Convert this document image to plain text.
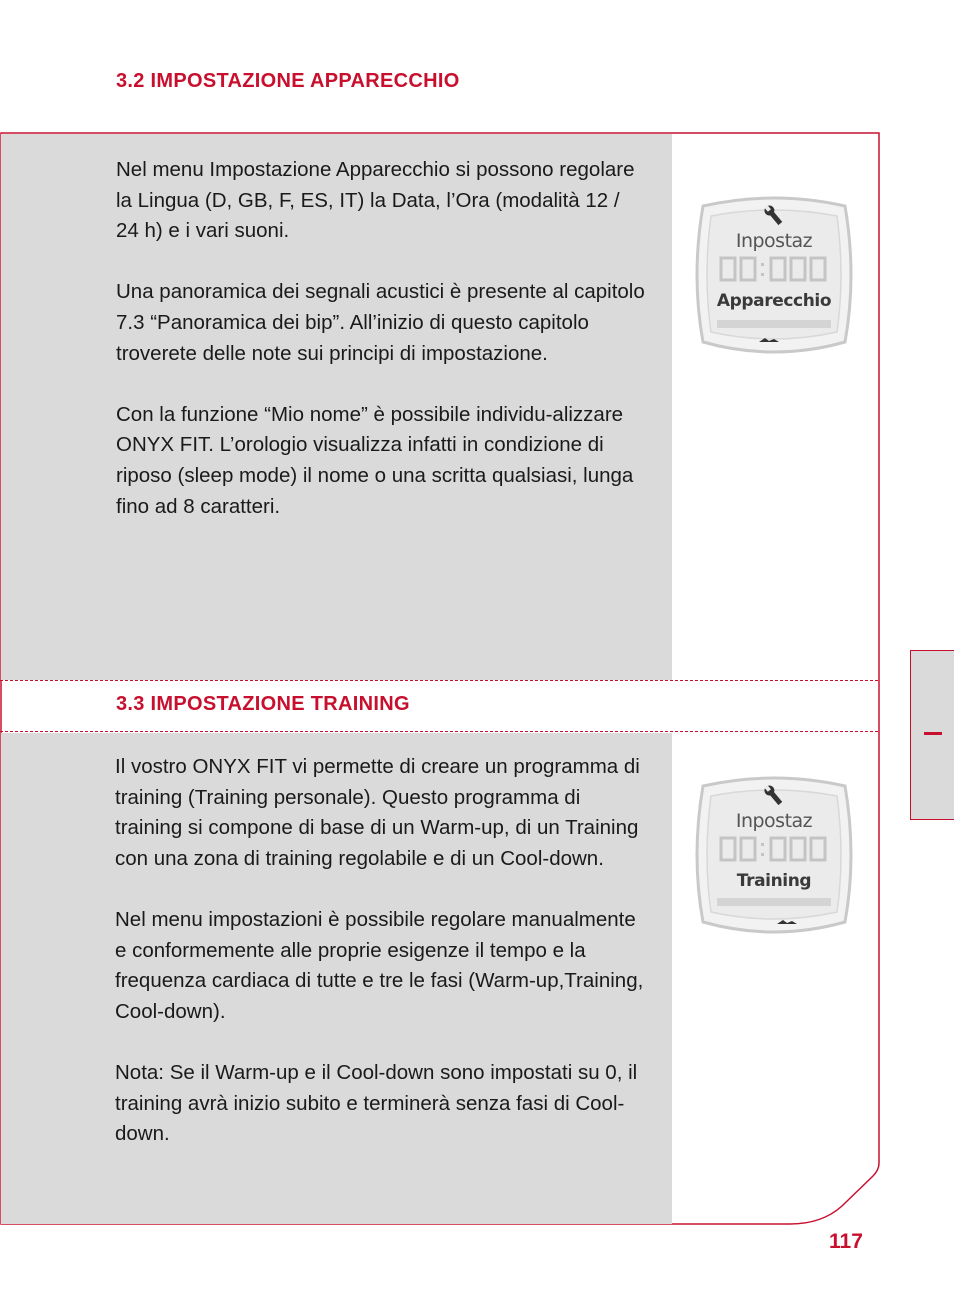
3.2 IMPOSTAZIONE APPARECCHIO

Nel menu Impostazione Apparecchio si possono regolare la Lingua (D, GB, F, ES, IT) la Data, l’Ora (modalità 12 / 24 h) e i vari suoni.

Una panoramica dei segnali acustici è presente al capitolo 7.3 “Panoramica dei bip”. All’inizio di questo capitolo troverete delle note sui principi di impostazione.

Con la funzione “Mio nome” è possibile individu-alizzare ONYX FIT. L’orologio visualizza infatti in condizione di riposo (sleep mode) il nome o una scritta qualsiasi, lunga fino ad 8 caratteri.

3.3 IMPOSTAZIONE TRAINING

Il vostro ONYX FIT vi permette di creare un programma di training (Training personale). Questo programma di training si compone di base di un Warm-up, di un Training con una zona di training regolabile e di un Cool-down.

Nel menu impostazioni è possibile regolare manualmente e conformemente alle proprie esigenze il tempo e la frequenza cardiaca di tutte e tre le fasi (Warm-up,Training, Cool-down).

Nota: Se il Warm-up e il Cool-down sono impostati su 0, il training avrà inizio subito e terminerà senza fasi di Cool-down.

Inpostaz
Apparecchio
Inpostaz
Training
117
